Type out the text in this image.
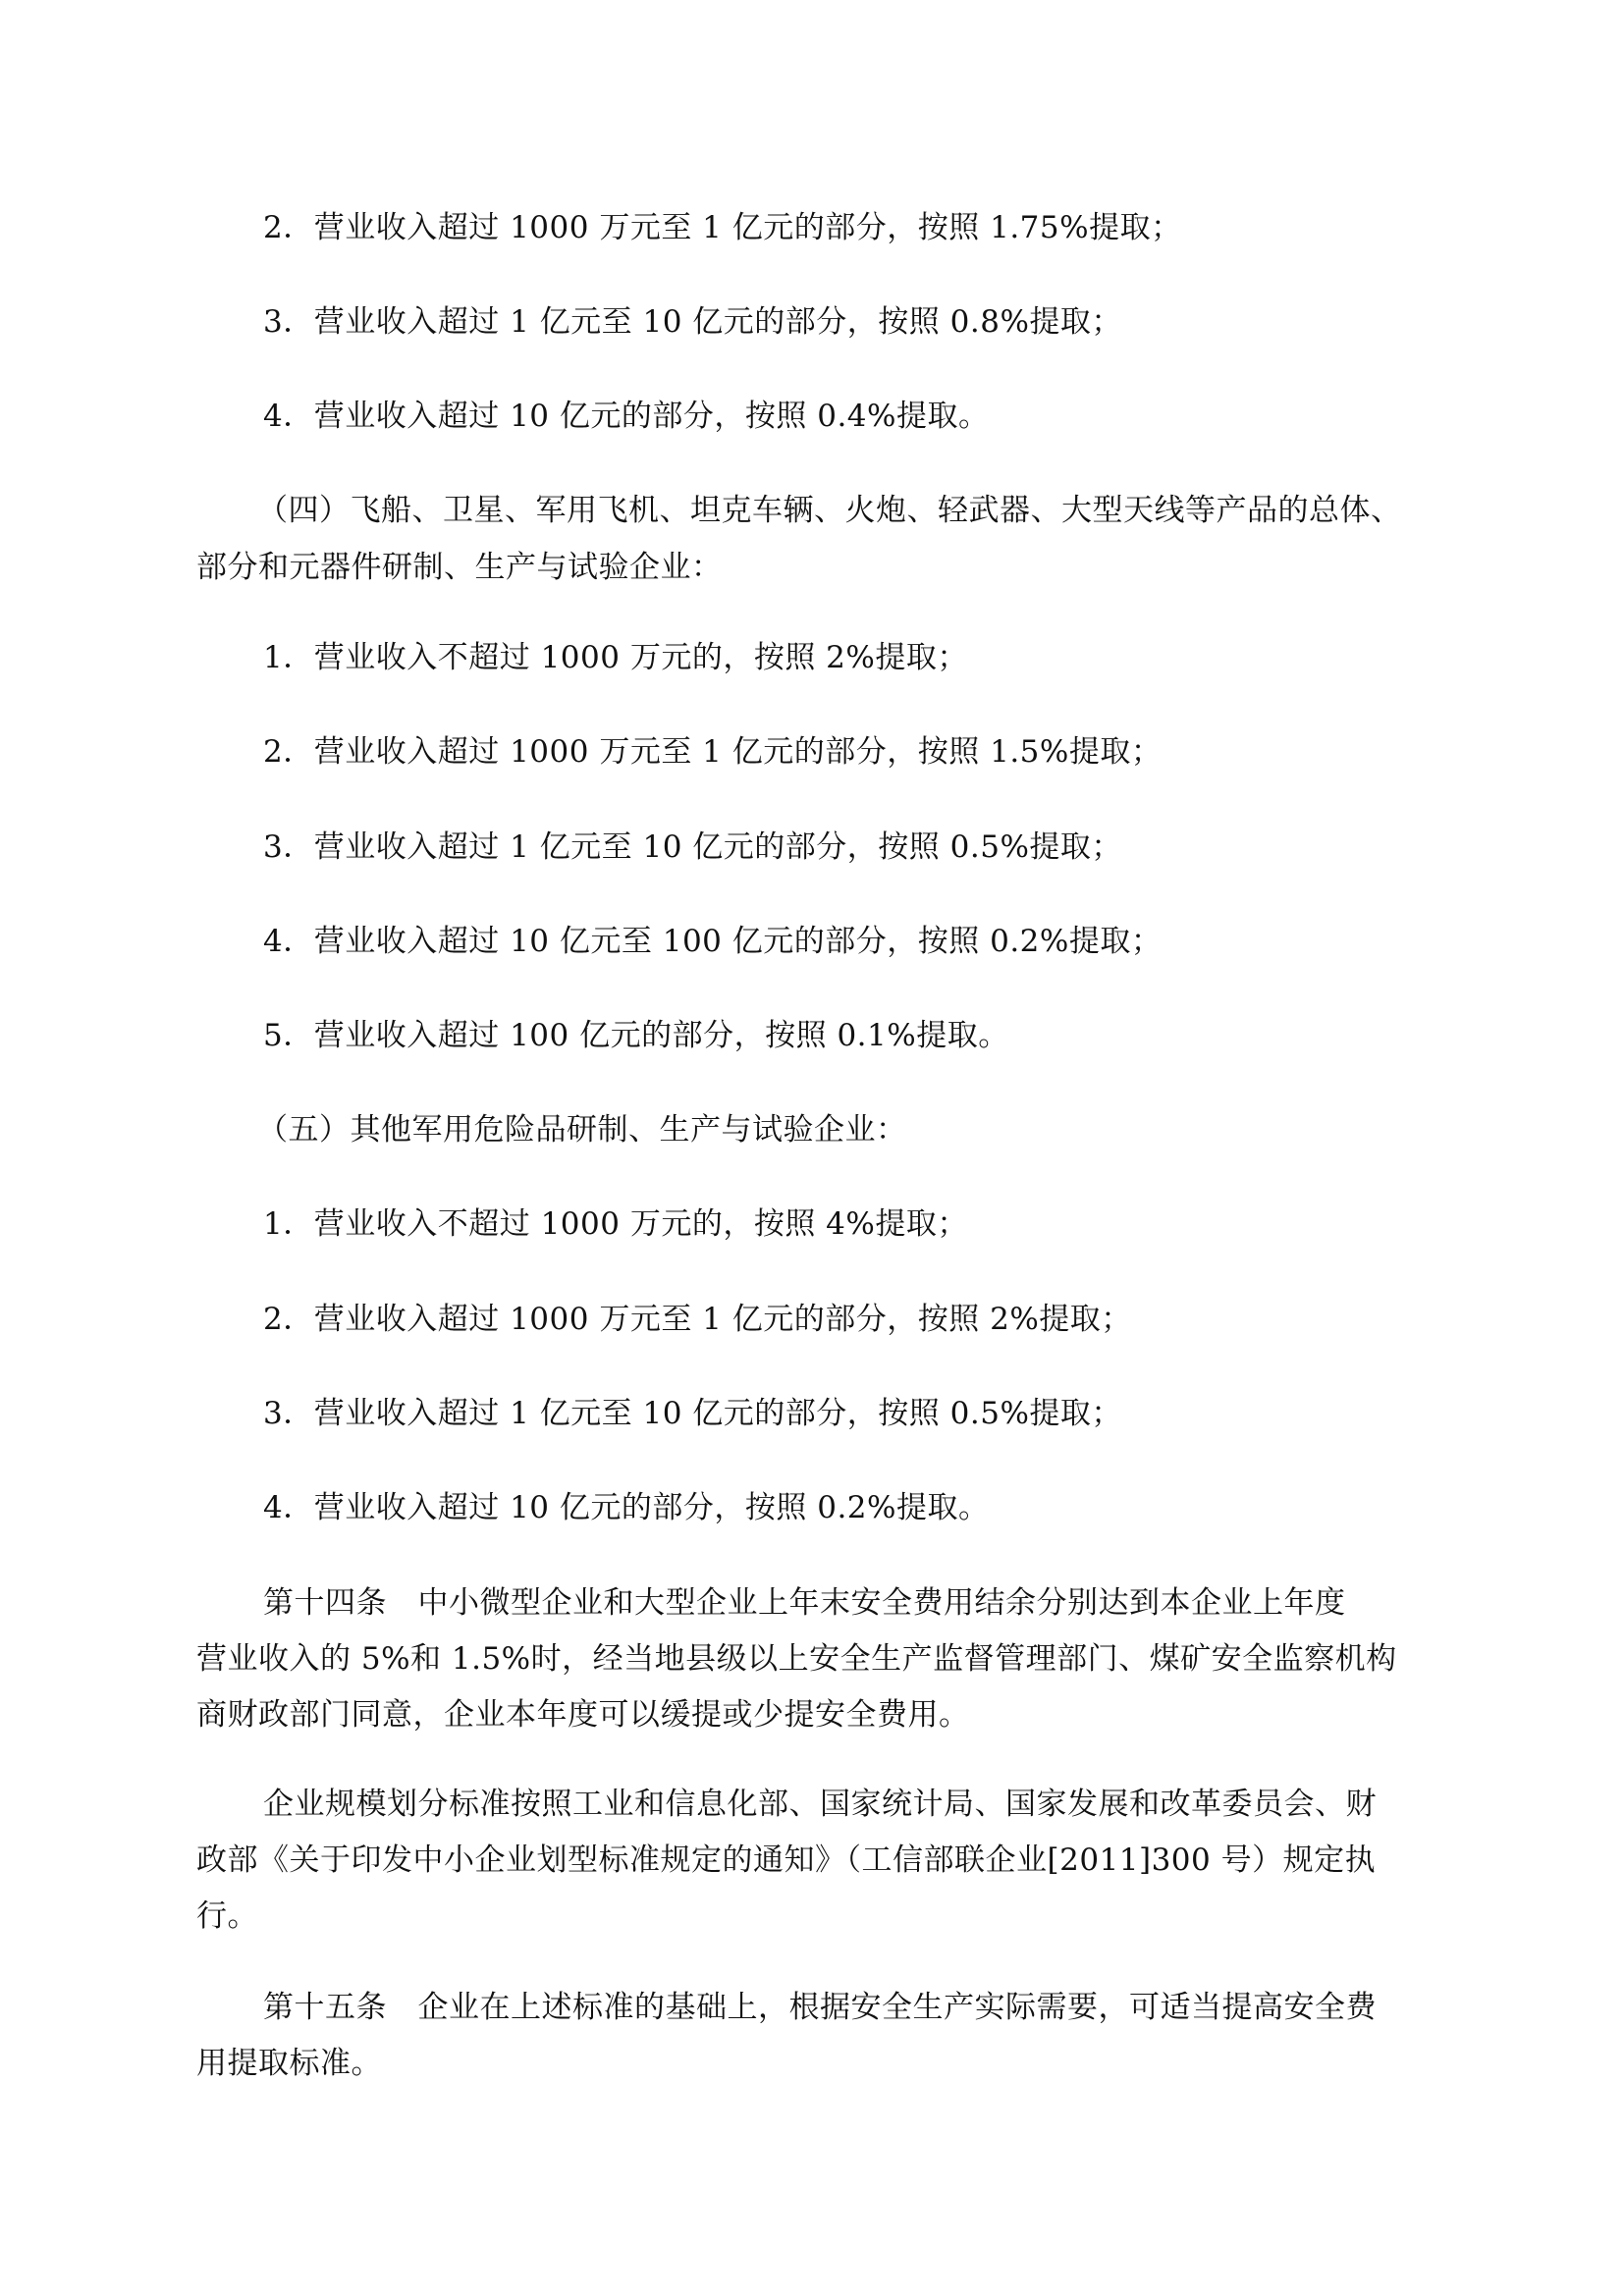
2．营业收入超过 1000 万元至 1 亿元的部分，按照 1.75%提取；

3．营业收入超过 1 亿元至 10 亿元的部分，按照 0.8%提取；

4．营业收入超过 10 亿元的部分，按照 0.4%提取。

（四）飞船、卫星、军用飞机、坦克车辆、火炮、轻武器、大型天线等产品的总体、

部分和元器件研制、生产与试验企业：

1．营业收入不超过 1000 万元的，按照 2%提取；

2．营业收入超过 1000 万元至 1 亿元的部分，按照 1.5%提取；

3．营业收入超过 1 亿元至 10 亿元的部分，按照 0.5%提取；

4．营业收入超过 10 亿元至 100 亿元的部分，按照 0.2%提取；

5．营业收入超过 100 亿元的部分，按照 0.1%提取。

（五）其他军用危险品研制、生产与试验企业：

1．营业收入不超过 1000 万元的，按照 4%提取；

2．营业收入超过 1000 万元至 1 亿元的部分，按照 2%提取；

3．营业收入超过 1 亿元至 10 亿元的部分，按照 0.5%提取；

4．营业收入超过 10 亿元的部分，按照 0.2%提取。

第十四条　中小微型企业和大型企业上年末安全费用结余分别达到本企业上年度

营业收入的 5%和 1.5%时，经当地县级以上安全生产监督管理部门、煤矿安全监察机构

商财政部门同意，企业本年度可以缓提或少提安全费用。

企业规模划分标准按照工业和信息化部、国家统计局、国家发展和改革委员会、财

政部《关于印发中小企业划型标准规定的通知》（工信部联企业[2011]300 号）规定执

行。

第十五条　企业在上述标准的基础上，根据安全生产实际需要，可适当提高安全费

用提取标准。
